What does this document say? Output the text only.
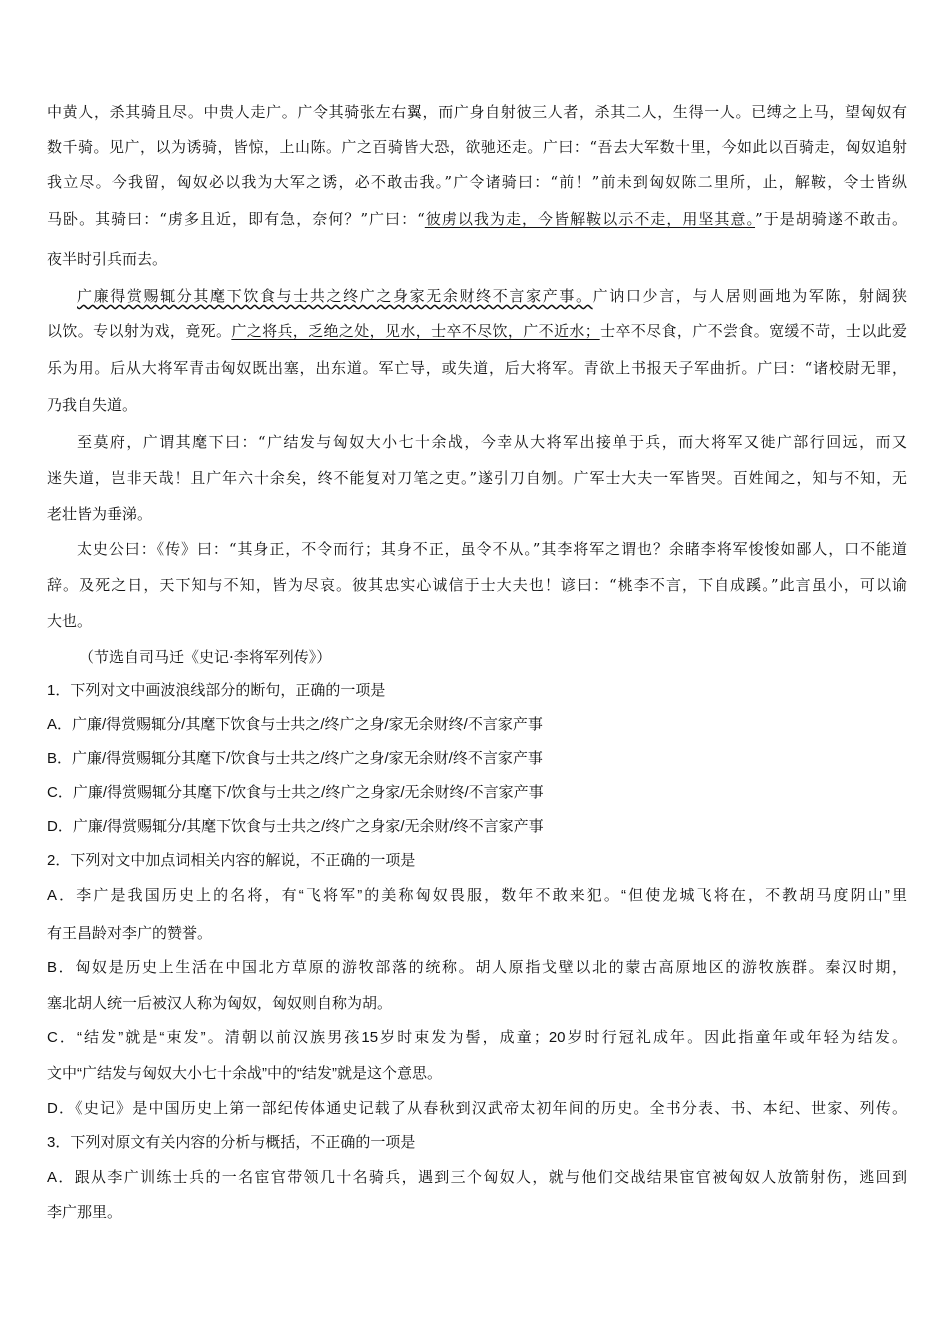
中黄人，杀其骑且尽。中贵人走广。广令其骑张左右翼，而广身自射彼三人者，杀其二人，生得一人。已缚之上马，望匈奴有
数千骑。见广，以为诱骑，皆惊，上山陈。广之百骑皆大恐，欲驰还走。广曰：“吾去大军数十里，今如此以百骑走，匈奴追射
我立尽。今我留，匈奴必以我为大军之诱，必不敢击我。”广令诸骑曰：“前！”前未到匈奴陈二里所，止，解鞍，令士皆纵
马卧。其骑曰：“虏多且近，即有急，奈何？”广曰：“彼虏以我为走，今皆解鞍以示不走，用坚其意。”于是胡骑遂不敢击。
夜半时引兵而去。
广廉得赏赐辄分其麾下饮食与士共之终广之身家无余财终不言家产事。广讷口少言，与人居则画地为军陈，射阔狭
以饮。专以射为戏，竟死。广之将兵，乏绝之处，见水，士卒不尽饮，广不近水；士卒不尽食，广不尝食。宽缓不苛，士以此爱
乐为用。后从大将军青击匈奴既出塞，出东道。军亡导，或失道，后大将军。青欲上书报天子军曲折。广曰：“诸校尉无罪，
乃我自失道。
至莫府，广谓其麾下曰：“广结发与匈奴大小七十余战，今幸从大将军出接单于兵，而大将军又徙广部行回远，而又
迷失道，岂非天哉！且广年六十余矣，终不能复对刀笔之吏。”遂引刀自刎。广军士大夫一军皆哭。百姓闻之，知与不知，无
老壮皆为垂涕。
太史公曰：《传》曰：“其身正，不令而行；其身不正，虽令不从。”其李将军之谓也？余睹李将军悛悛如鄙人，口不能道
辞。及死之日，天下知与不知，皆为尽哀。彼其忠实心诚信于士大夫也！谚曰：“桃李不言，下自成蹊。”此言虽小，可以谕
大也。
（节选自司马迁《史记·李将军列传》）
1．下列对文中画波浪线部分的断句，正确的一项是
A．广廉/得赏赐辄分/其麾下饮食与士共之/终广之身/家无余财终/不言家产事
B．广廉/得赏赐辄分其麾下/饮食与士共之/终广之身/家无余财/终不言家产事
C．广廉/得赏赐辄分其麾下/饮食与士共之/终广之身家/无余财终/不言家产事
D．广廉/得赏赐辄分/其麾下饮食与士共之/终广之身家/无余财/终不言家产事
2．下列对文中加点词相关内容的解说，不正确的一项是
A．李广是我国历史上的名将，有“飞将军”的美称匈奴畏服，数年不敢来犯。“但使龙城飞将在，不教胡马度阴山”里
有王昌龄对李广的赞誉。
B．匈奴是历史上生活在中国北方草原的游牧部落的统称。胡人原指戈壁以北的蒙古高原地区的游牧族群。秦汉时期，
塞北胡人统一后被汉人称为匈奴，匈奴则自称为胡。
C．“结发”就是“束发”。清朝以前汉族男孩15岁时束发为髻，成童；20岁时行冠礼成年。因此指童年或年轻为结发。
文中“广结发与匈奴大小七十余战”中的“结发”就是这个意思。
D．《史记》是中国历史上第一部纪传体通史记载了从春秋到汉武帝太初年间的历史。全书分表、书、本纪、世家、列传。
3．下列对原文有关内容的分析与概括，不正确的一项是
A．跟从李广训练士兵的一名宦官带领几十名骑兵，遇到三个匈奴人，就与他们交战结果宦官被匈奴人放箭射伤，逃回到
李广那里。
